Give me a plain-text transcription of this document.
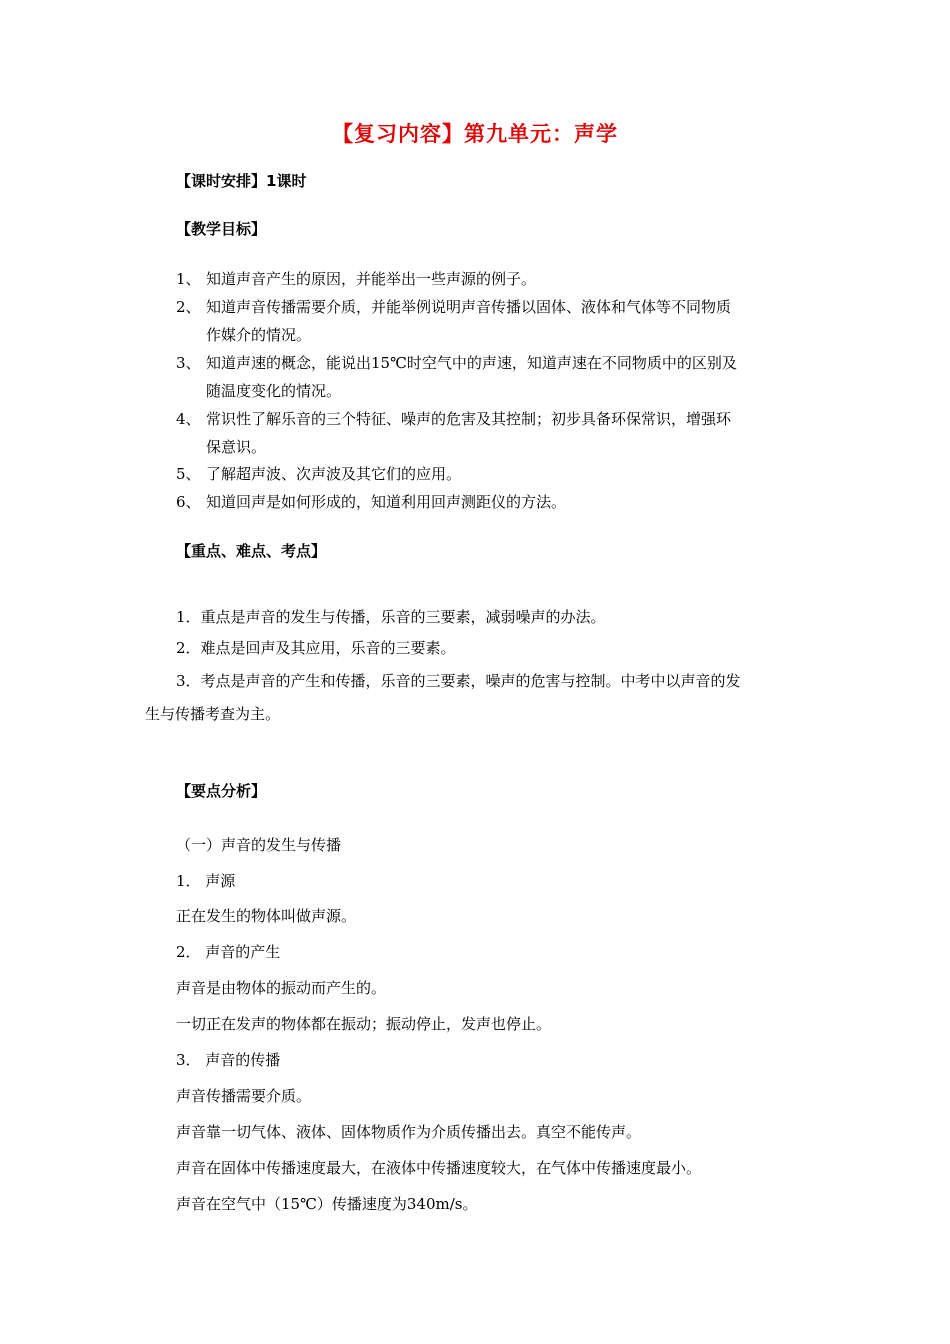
【复习内容】第九单元：声学
【课时安排】1课时
【教学目标】
1、 知道声音产生的原因，并能举出一些声源的例子。
2、 知道声音传播需要介质，并能举例说明声音传播以固体、液体和气体等不同物质
作媒介的情况。
3、 知道声速的概念，能说出15℃时空气中的声速，知道声速在不同物质中的区别及
随温度变化的情况。
4、 常识性了解乐音的三个特征、噪声的危害及其控制；初步具备环保常识，增强环
保意识。
5、 了解超声波、次声波及其它们的应用。
6、 知道回声是如何形成的，知道利用回声测距仪的方法。
【重点、难点、考点】
1．重点是声音的发生与传播，乐音的三要素，减弱噪声的办法。
2．难点是回声及其应用，乐音的三要素。
3．考点是声音的产生和传播，乐音的三要素，噪声的危害与控制。中考中以声音的发
生与传播考查为主。
【要点分析】
（一）声音的发生与传播
1． 声源
正在发生的物体叫做声源。
2． 声音的产生
声音是由物体的振动而产生的。
一切正在发声的物体都在振动；振动停止，发声也停止。
3． 声音的传播
声音传播需要介质。
声音靠一切气体、液体、固体物质作为介质传播出去。真空不能传声。
声音在固体中传播速度最大，在液体中传播速度较大，在气体中传播速度最小。
声音在空气中（15℃）传播速度为340m/s。
